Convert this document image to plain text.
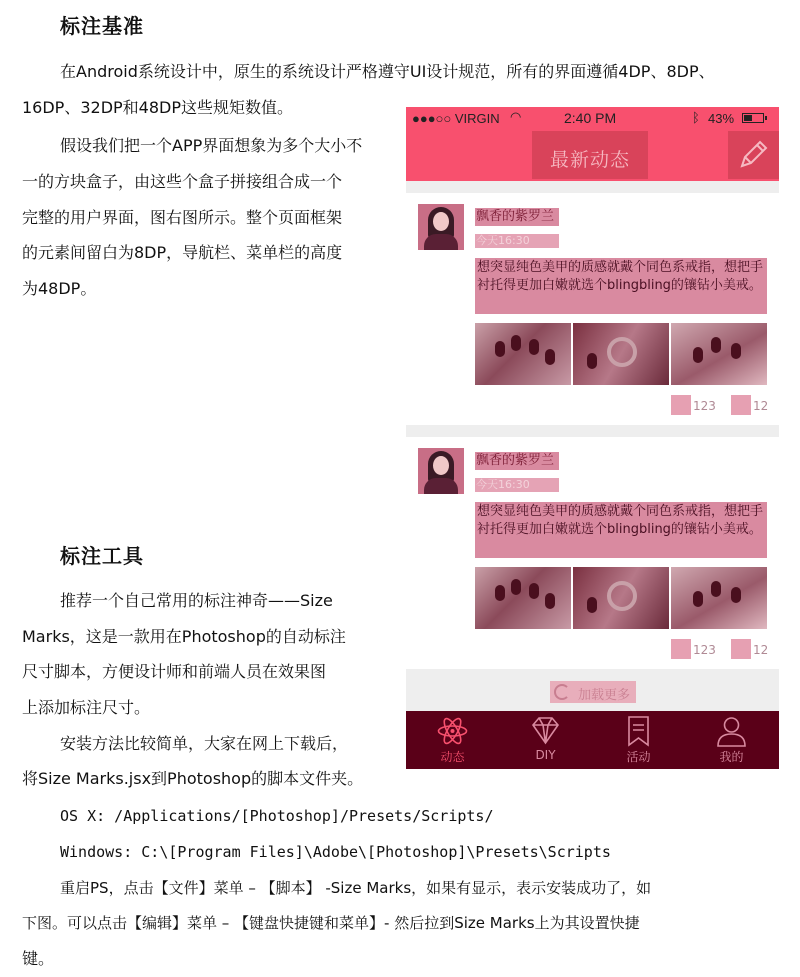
标注基准
在Android系统设计中，原生的系统设计严格遵守UI设计规范，所有的界面遵循4DP、8DP、
16DP、32DP和48DP这些规矩数值。
假设我们把一个APP界面想象为多个大小不
一的方块盒子，由这些个盒子拼接组合成一个
完整的用户界面，图右图所示。整个页面框架
的元素间留白为8DP，导航栏、菜单栏的高度
为48DP。
标注工具
推荐一个自己常用的标注神奇——Size
Marks，这是一款用在Photoshop的自动标注
尺寸脚本，方便设计师和前端人员在效果图
上添加标注尺寸。
安装方法比较简单，大家在网上下载后，
将Size Marks.jsx到Photoshop的脚本文件夹。
OS X: /Applications/[Photoshop]/Presets/Scripts/
Windows: C:\[Program Files]\Adobe\[Photoshop]\Presets\Scripts
重启PS，点击【文件】菜单 – 【脚本】 -Size Marks，如果有显示，表示安装成功了，如
下图。可以点击【编辑】菜单 – 【键盘快捷键和菜单】- 然后拉到Size Marks上为其设置快捷
键。
●●●○○ VIRGIN ◠	2:40 PM	ᛒ 43%
最新动态
飘香的紫罗兰
今天16:30
想突显纯色美甲的质感就戴个同色系戒指，想把手衬托得更加白嫩就选个blingbling的镶钻小美戒。
123	12
飘香的紫罗兰
今天16:30
想突显纯色美甲的质感就戴个同色系戒指，想把手衬托得更加白嫩就选个blingbling的镶钻小美戒。
123	12
加载更多
动态	DIY	活动	我的
